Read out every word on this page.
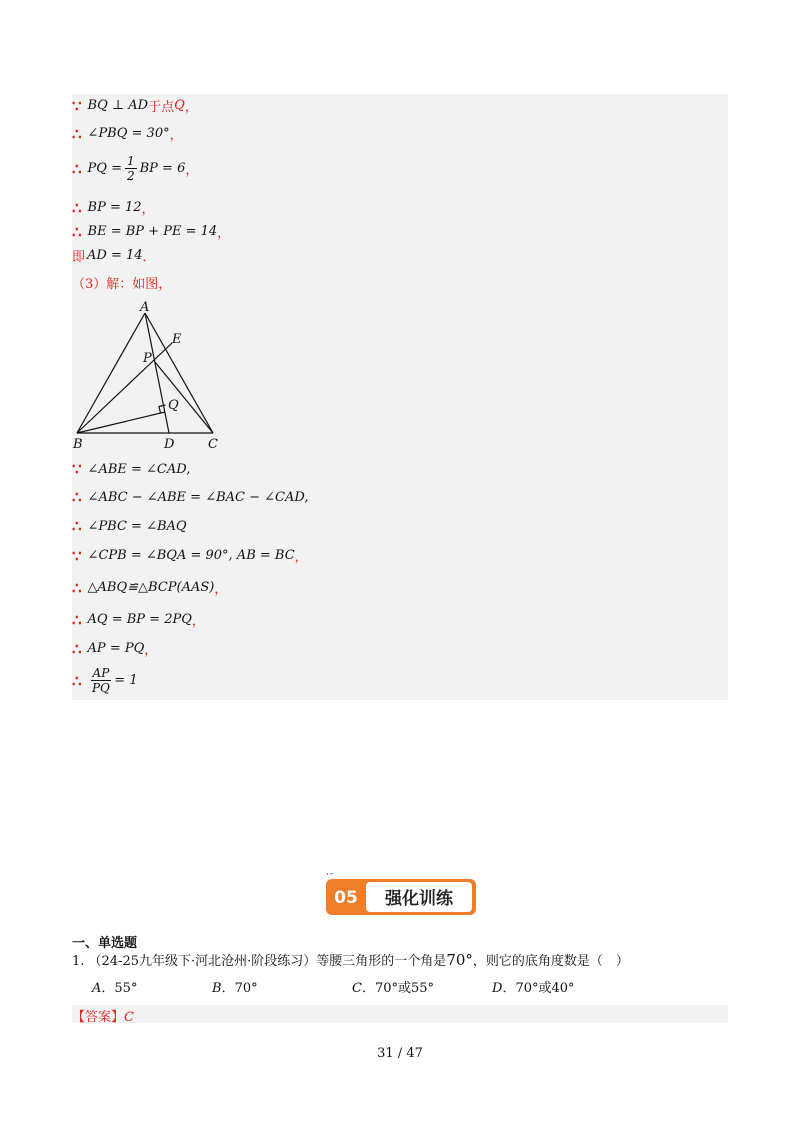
∵ BQ ⊥ AD 于点 Q ，
∴ ∠PBQ = 30° ，
∴ PQ = $\frac{1}{2}$ BP = 6 ，
∴ BP = 12 ，
∴ BE = BP + PE = 14 ，
即 AD = 14 ．
（3）解：如图，
A
E
P
Q
B	D	C
∵ ∠ABE = ∠CAD,
∴ ∠ABC − ∠ABE = ∠BAC − ∠CAD,
∴ ∠PBC = ∠BAQ
∵ ∠CPB = ∠BQA = 90°, AB = BC ，
∴ △ABQ≌△BCP(AAS) ，
∴ AQ = BP = 2PQ ，
∴ AP = PQ ，
∴ $\frac{AP}{PQ} = 1$
05 强化训练
一、单选题
1. （24-25九年级下·河北沧州·阶段练习）等腰三角形的一个角是70°，则它的底角度数是（　）
A．55°	B．70°	C．70°或55°	D．70°或40°
【答案】C
31 / 47
